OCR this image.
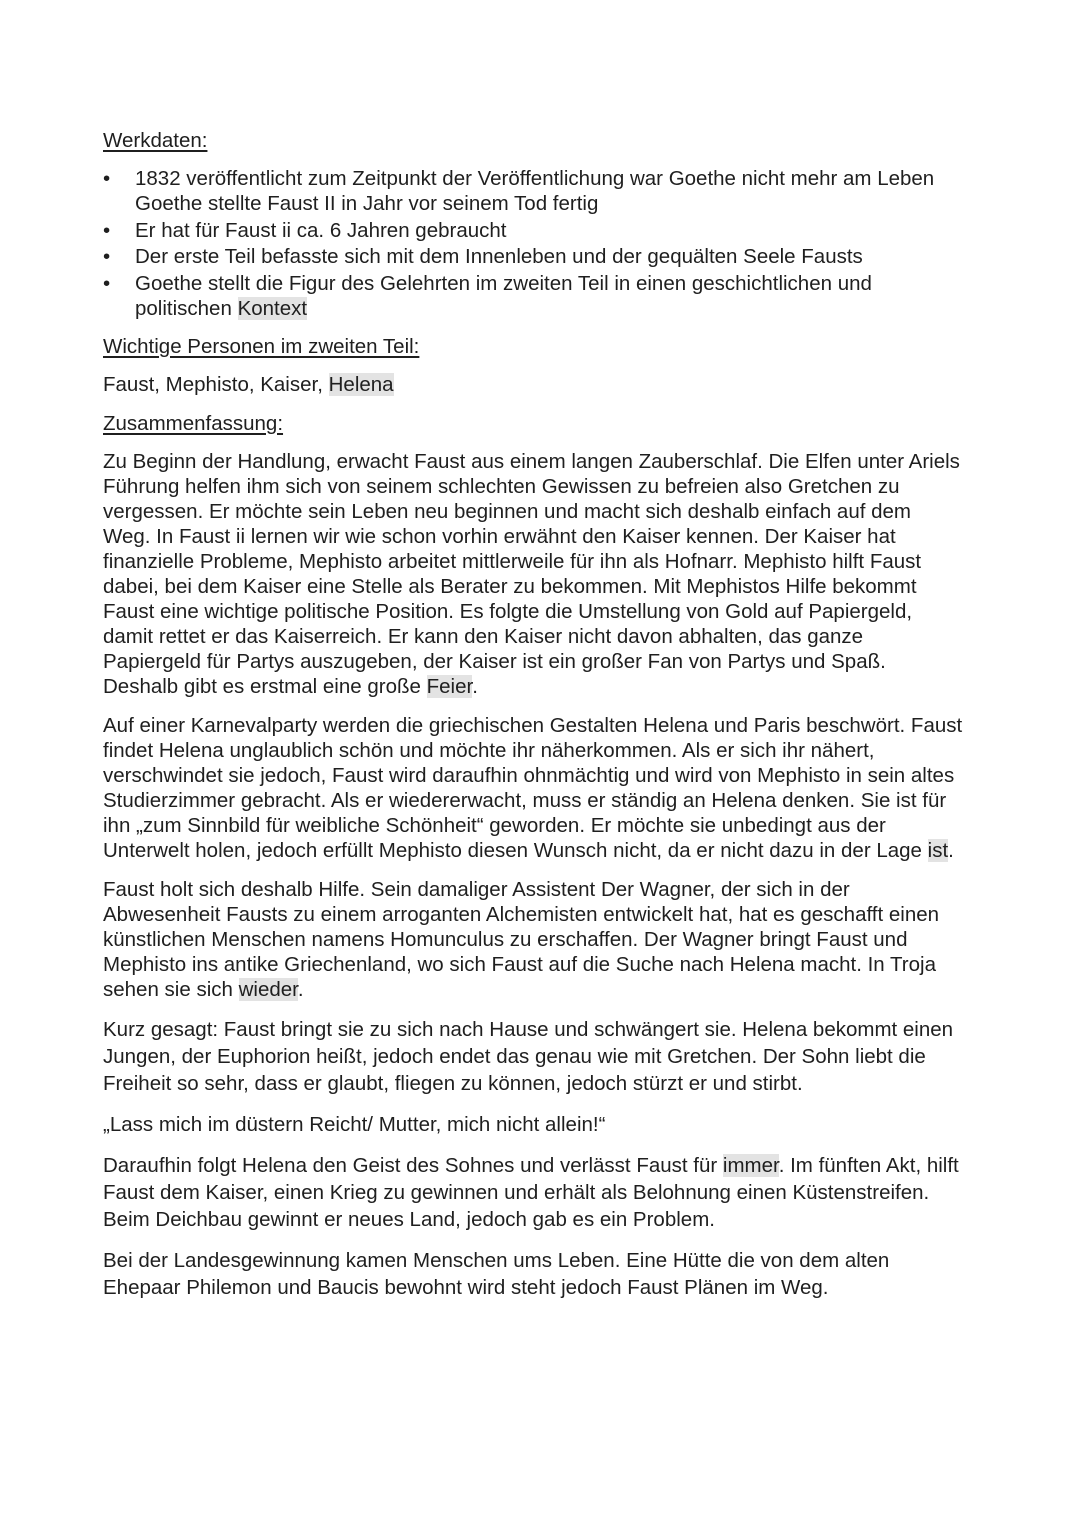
Werkdaten:
•	1832 veröffentlicht zum Zeitpunkt der Veröffentlichung war Goethe nicht mehr am Leben Goethe stellte Faust II in Jahr vor seinem Tod fertig
•	Er hat für Faust ii ca. 6 Jahren gebraucht
•	Der erste Teil befasste sich mit dem Innenleben und der gequälten Seele Fausts
•	Goethe stellt die Figur des Gelehrten im zweiten Teil in einen geschichtlichen und politischen Kontext
Wichtige Personen im zweiten Teil:

Faust, Mephisto, Kaiser, Helena

Zusammenfassung:

Zu Beginn der Handlung, erwacht Faust aus einem langen Zauberschlaf. Die Elfen unter Ariels Führung helfen ihm sich von seinem schlechten Gewissen zu befreien also Gretchen zu vergessen. Er möchte sein Leben neu beginnen und macht sich deshalb einfach auf dem Weg. In Faust ii lernen wir wie schon vorhin erwähnt den Kaiser kennen. Der Kaiser hat finanzielle Probleme, Mephisto arbeitet mittlerweile für ihn als Hofnarr. Mephisto hilft Faust dabei, bei dem Kaiser eine Stelle als Berater zu bekommen. Mit Mephistos Hilfe bekommt Faust eine wichtige politische Position. Es folgte die Umstellung von Gold auf Papiergeld, damit rettet er das Kaiserreich. Er kann den Kaiser nicht davon abhalten, das ganze Papiergeld für Partys auszugeben, der Kaiser ist ein großer Fan von Partys und Spaß. Deshalb gibt es erstmal eine große Feier.

Auf einer Karnevalparty werden die griechischen Gestalten Helena und Paris beschwört. Faust findet Helena unglaublich schön und möchte ihr näherkommen. Als er sich ihr nähert, verschwindet sie jedoch, Faust wird daraufhin ohnmächtig und wird von Mephisto in sein altes Studierzimmer gebracht. Als er wiedererwacht, muss er ständig an Helena denken. Sie ist für ihn „zum Sinnbild für weibliche Schönheit“ geworden. Er möchte sie unbedingt aus der Unterwelt holen, jedoch erfüllt Mephisto diesen Wunsch nicht, da er nicht dazu in der Lage ist.

Faust holt sich deshalb Hilfe. Sein damaliger Assistent Der Wagner, der sich in der Abwesenheit Fausts zu einem arroganten Alchemisten entwickelt hat, hat es geschafft einen künstlichen Menschen namens Homunculus zu erschaffen. Der Wagner bringt Faust und Mephisto ins antike Griechenland, wo sich Faust auf die Suche nach Helena macht. In Troja sehen sie sich wieder.

Kurz gesagt: Faust bringt sie zu sich nach Hause und schwängert sie. Helena bekommt einen Jungen, der Euphorion heißt, jedoch endet das genau wie mit Gretchen. Der Sohn liebt die Freiheit so sehr, dass er glaubt, fliegen zu können, jedoch stürzt er und stirbt.

„Lass mich im düstern Reicht/ Mutter, mich nicht allein!“

Daraufhin folgt Helena den Geist des Sohnes und verlässt Faust für immer. Im fünften Akt, hilft Faust dem Kaiser, einen Krieg zu gewinnen und erhält als Belohnung einen Küstenstreifen. Beim Deichbau gewinnt er neues Land, jedoch gab es ein Problem.

Bei der Landesgewinnung kamen Menschen ums Leben. Eine Hütte die von dem alten Ehepaar Philemon und Baucis bewohnt wird steht jedoch Faust Plänen im Weg.
